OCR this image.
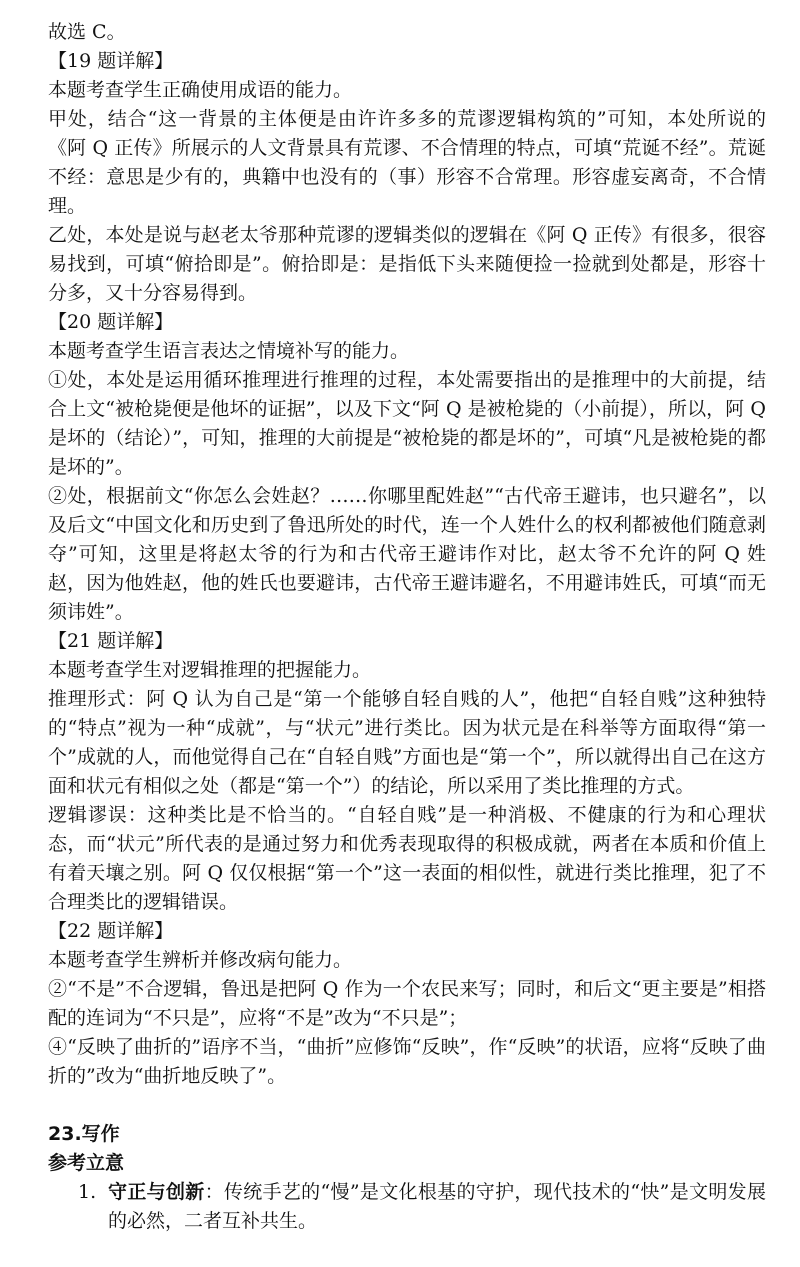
故选 C。

【19 题详解】

本题考查学生正确使用成语的能力。

甲处，结合“这一背景的主体便是由许许多多的荒谬逻辑构筑的”可知，本处所说的《阿 Q 正传》所展示的人文背景具有荒谬、不合情理的特点，可填“荒诞不经”。荒诞不经：意思是少有的，典籍中也没有的（事）形容不合常理。形容虚妄离奇，不合情理。

乙处，本处是说与赵老太爷那种荒谬的逻辑类似的逻辑在《阿 Q 正传》有很多，很容易找到，可填“俯拾即是”。俯拾即是：是指低下头来随便捡一捡就到处都是，形容十分多，又十分容易得到。

【20 题详解】

本题考查学生语言表达之情境补写的能力。

①处，本处是运用循环推理进行推理的过程，本处需要指出的是推理中的大前提，结合上文“被枪毙便是他坏的证据”，以及下文“阿 Q 是被枪毙的（小前提），所以，阿 Q 是坏的（结论）”，可知，推理的大前提是“被枪毙的都是坏的”，可填“凡是被枪毙的都是坏的”。

②处，根据前文“你怎么会姓赵？……你哪里配姓赵”“古代帝王避讳，也只避名”，以及后文“中国文化和历史到了鲁迅所处的时代，连一个人姓什么的权利都被他们随意剥夺”可知，这里是将赵太爷的行为和古代帝王避讳作对比，赵太爷不允许的阿 Q 姓赵，因为他姓赵，他的姓氏也要避讳，古代帝王避讳避名，不用避讳姓氏，可填“而无须讳姓”。

【21 题详解】

本题考查学生对逻辑推理的把握能力。

推理形式：阿 Q 认为自己是“第一个能够自轻自贱的人”，他把“自轻自贱”这种独特的“特点”视为一种“成就”，与“状元”进行类比。因为状元是在科举等方面取得“第一个”成就的人，而他觉得自己在“自轻自贱”方面也是“第一个”，所以就得出自己在这方面和状元有相似之处（都是“第一个”）的结论，所以采用了类比推理的方式。

逻辑谬误：这种类比是不恰当的。“自轻自贱”是一种消极、不健康的行为和心理状态，而“状元”所代表的是通过努力和优秀表现取得的积极成就，两者在本质和价值上有着天壤之别。阿 Q 仅仅根据“第一个”这一表面的相似性，就进行类比推理，犯了不合理类比的逻辑错误。

【22 题详解】

本题考查学生辨析并修改病句能力。

②“不是”不合逻辑，鲁迅是把阿 Q 作为一个农民来写；同时，和后文“更主要是”相搭配的连词为“不只是”，应将“不是”改为“不只是”；

④“反映了曲折的”语序不当，“曲折”应修饰“反映”，作“反映”的状语，应将“反映了曲折的”改为“曲折地反映了”。

23.写作

参考立意

1. 守正与创新：传统手艺的“慢”是文化根基的守护，现代技术的“快”是文明发展的必然，二者互补共生。
